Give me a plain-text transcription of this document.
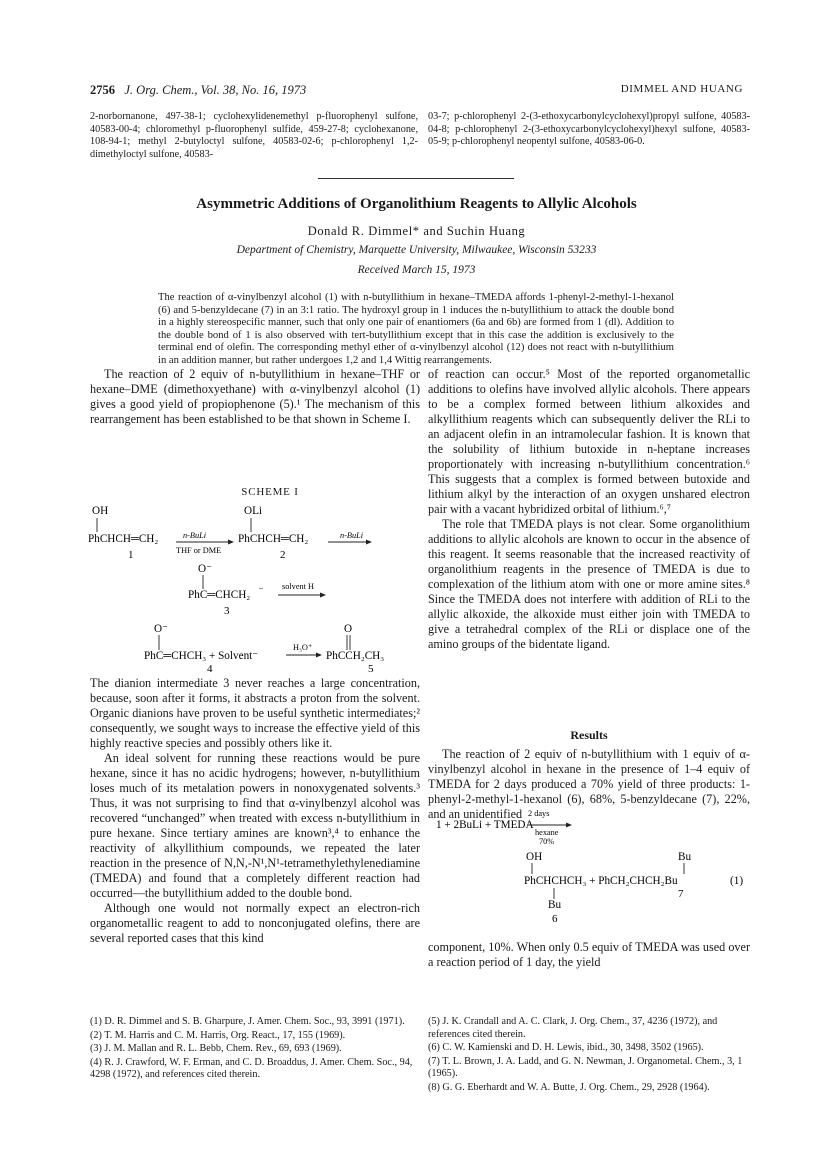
2756 J. Org. Chem., Vol. 38, No. 16, 1973	DIMMEL AND HUANG
2-norbornanone, 497-38-1; cyclohexylidenemethyl p-fluorophenyl sulfone, 40583-00-4; chloromethyl p-fluorophenyl sulfide, 459-27-8; cyclohexanone, 108-94-1; methyl 2-butyloctyl sulfone, 40583-02-6; p-chlorophenyl 1,2-dimethyloctyl sulfone, 40583-
03-7; p-chlorophenyl 2-(3-ethoxycarbonylcyclohexyl)propyl sulfone, 40583-04-8; p-chlorophenyl 2-(3-ethoxycarbonylcyclohexyl)hexyl sulfone, 40583-05-9; p-chlorophenyl neopentyl sulfone, 40583-06-0.
Asymmetric Additions of Organolithium Reagents to Allylic Alcohols
Donald R. Dimmel* and Suchin Huang
Department of Chemistry, Marquette University, Milwaukee, Wisconsin 53233
Received March 15, 1973
The reaction of α-vinylbenzyl alcohol (1) with n-butyllithium in hexane–TMEDA affords 1-phenyl-2-methyl-1-hexanol (6) and 5-benzyldecane (7) in an 3:1 ratio. The hydroxyl group in 1 induces the n-butyllithium to attack the double bond in a highly stereospecific manner, such that only one pair of enantiomers (6a and 6b) are formed from 1 (dl). Addition to the double bond of 1 is also observed with tert-butyllithium except that in this case the addition is exclusively to the terminal end of olefin. The corresponding methyl ether of α-vinylbenzyl alcohol (12) does not react with n-butyllithium in an addition manner, but rather undergoes 1,2 and 1,4 Wittig rearrangements.

The reaction of 2 equiv of n-butyllithium in hexane–THF or hexane–DME (dimethoxyethane) with α-vinylbenzyl alcohol (1) gives a good yield of propiophenone (5).¹ The mechanism of this rearrangement has been established to be that shown in Scheme I.

SCHEME I
OH
PhCHCH═CH₂
1
n-BuLi
THF or DME
OLi
PhCHCH═CH₂
2
n-BuLi
O⁻
PhC═CHCH₂
– solvent H
3
O⁻
PhC═CHCH₃ + Solvent⁻
4
H₃O⁺
O
PhCCH₂CH₃
5

The dianion intermediate 3 never reaches a large concentration, because, soon after it forms, it abstracts a proton from the solvent. Organic dianions have proven to be useful synthetic intermediates;² consequently, we sought ways to increase the effective yield of this highly reactive species and possibly others like it.

An ideal solvent for running these reactions would be pure hexane, since it has no acidic hydrogens; however, n-butyllithium loses much of its metalation powers in nonoxygenated solvents.³ Thus, it was not surprising to find that α-vinylbenzyl alcohol was recovered “unchanged” when treated with excess n-butyllithium in pure hexane. Since tertiary amines are known³,⁴ to enhance the reactivity of alkyllithium compounds, we repeated the later reaction in the presence of N,N,-N¹,N¹-tetramethylethylenediamine (TMEDA) and found that a completely different reaction had occurred—the butyllithium added to the double bond.

Although one would not normally expect an electron-rich organometallic reagent to add to nonconjugated olefins, there are several reported cases that this kind

of reaction can occur.⁵ Most of the reported organometallic additions to olefins have involved allylic alcohols. There appears to be a complex formed between lithium alkoxides and alkyllithium reagents which can subsequently deliver the RLi to an adjacent olefin in an intramolecular fashion. It is known that the solubility of lithium butoxide in n-heptane increases proportionately with increasing n-butyllithium concentration.⁶ This suggests that a complex is formed between butoxide and lithium alkyl by the interaction of an oxygen unshared electron pair with a vacant hybridized orbital of lithium.⁶,⁷

The role that TMEDA plays is not clear. Some organolithium additions to allylic alcohols are known to occur in the absence of this reagent. It seems reasonable that the increased reactivity of organolithium reagents in the presence of TMEDA is due to complexation of the lithium atom with one or more amine sites.⁸ Since the TMEDA does not interfere with addition of RLi to the allylic alkoxide, the alkoxide must either join with TMEDA to give a tetrahedral complex of the RLi or displace one of the amino groups of the bidentate ligand.

Results

The reaction of 2 equiv of n-butyllithium with 1 equiv of α-vinylbenzyl alcohol in hexane in the presence of 1–4 equiv of TMEDA for 2 days produced a 70% yield of three products: 1-phenyl-2-methyl-1-hexanol (6), 68%, 5-benzyldecane (7), 22%, and an unidentified 2 days
1 + 2BuLi + TMEDA
hexane
70%
OH	Bu
PhCHCHCH₃ + PhCH₂CHCH₂Bu	(1)
Bu
7
6

component, 10%. When only 0.5 equiv of TMEDA was used over a reaction period of 1 day, the yield

(1) D. R. Dimmel and S. B. Gharpure, J. Amer. Chem. Soc., 93, 3991 (1971).

(2) T. M. Harris and C. M. Harris, Org. React., 17, 155 (1969).

(3) J. M. Mallan and R. L. Bebb, Chem. Rev., 69, 693 (1969).

(4) R. J. Crawford, W. F. Erman, and C. D. Broaddus, J. Amer. Chem. Soc., 94, 4298 (1972), and references cited therein.

(5) J. K. Crandall and A. C. Clark, J. Org. Chem., 37, 4236 (1972), and references cited therein.

(6) C. W. Kamienski and D. H. Lewis, ibid., 30, 3498, 3502 (1965).

(7) T. L. Brown, J. A. Ladd, and G. N. Newman, J. Organometal. Chem., 3, 1 (1965).

(8) G. G. Eberhardt and W. A. Butte, J. Org. Chem., 29, 2928 (1964).
